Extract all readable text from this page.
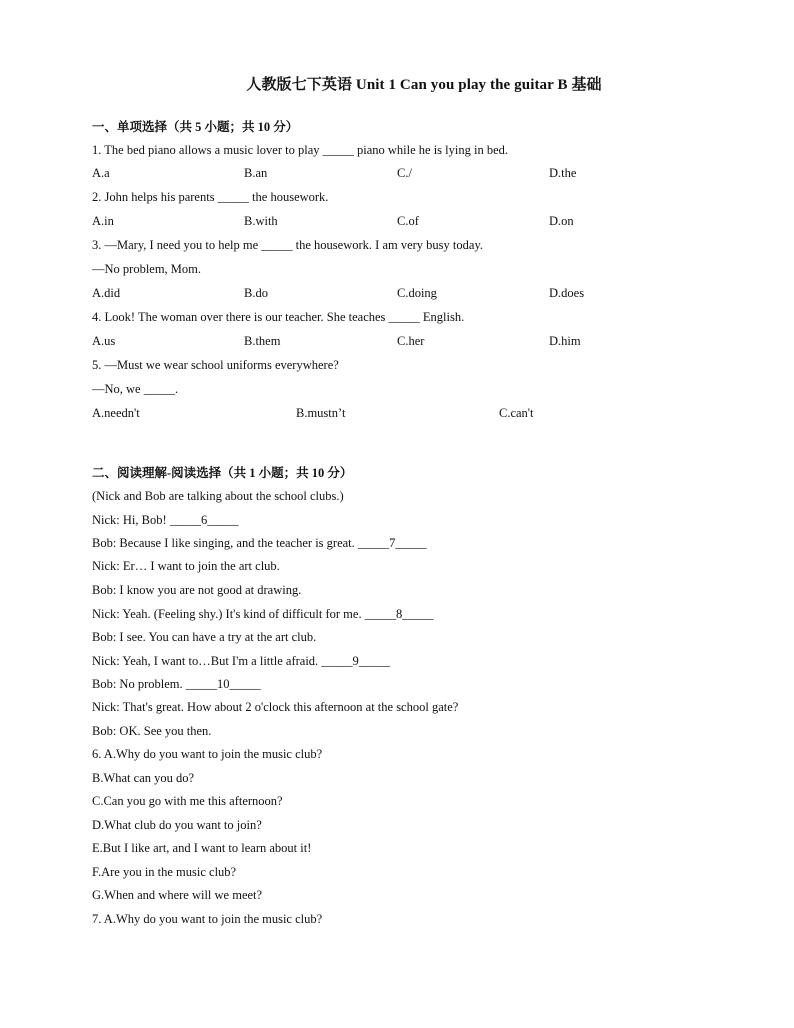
人教版七下英语 Unit 1 Can you play the guitar B 基础
一、单项选择（共 5 小题；共 10 分）
1. The bed piano allows a music lover to play _____ piano while he is lying in bed.
A.a	B.an	C./	D.the
2. John helps his parents _____ the housework.
A.in	B.with	C.of	D.on
3. —Mary, I need you to help me _____ the housework. I am very busy today.
—No problem, Mom.
A.did	B.do	C.doing	D.does
4. Look! The woman over there is our teacher. She teaches _____ English.
A.us	B.them	C.her	D.him
5. —Must we wear school uniforms everywhere?
—No, we _____.
A.needn't	B.mustn’t	C.can't
二、阅读理解-阅读选择（共 1 小题；共 10 分）
(Nick and Bob are talking about the school clubs.)
Nick: Hi, Bob! _____6_____
Bob: Because I like singing, and the teacher is great. _____7_____
Nick: Er… I want to join the art club.
Bob: I know you are not good at drawing.
Nick: Yeah. (Feeling shy.) It's kind of difficult for me. _____8_____
Bob: I see. You can have a try at the art club.
Nick: Yeah, I want to…But I'm a little afraid. _____9_____
Bob: No problem. _____10_____
Nick: That's great. How about 2 o'clock this afternoon at the school gate?
Bob: OK. See you then.
6. A.Why do you want to join the music club?
B.What can you do?
C.Can you go with me this afternoon?
D.What club do you want to join?
E.But I like art, and I want to learn about it!
F.Are you in the music club?
G.When and where will we meet?
7. A.Why do you want to join the music club?
